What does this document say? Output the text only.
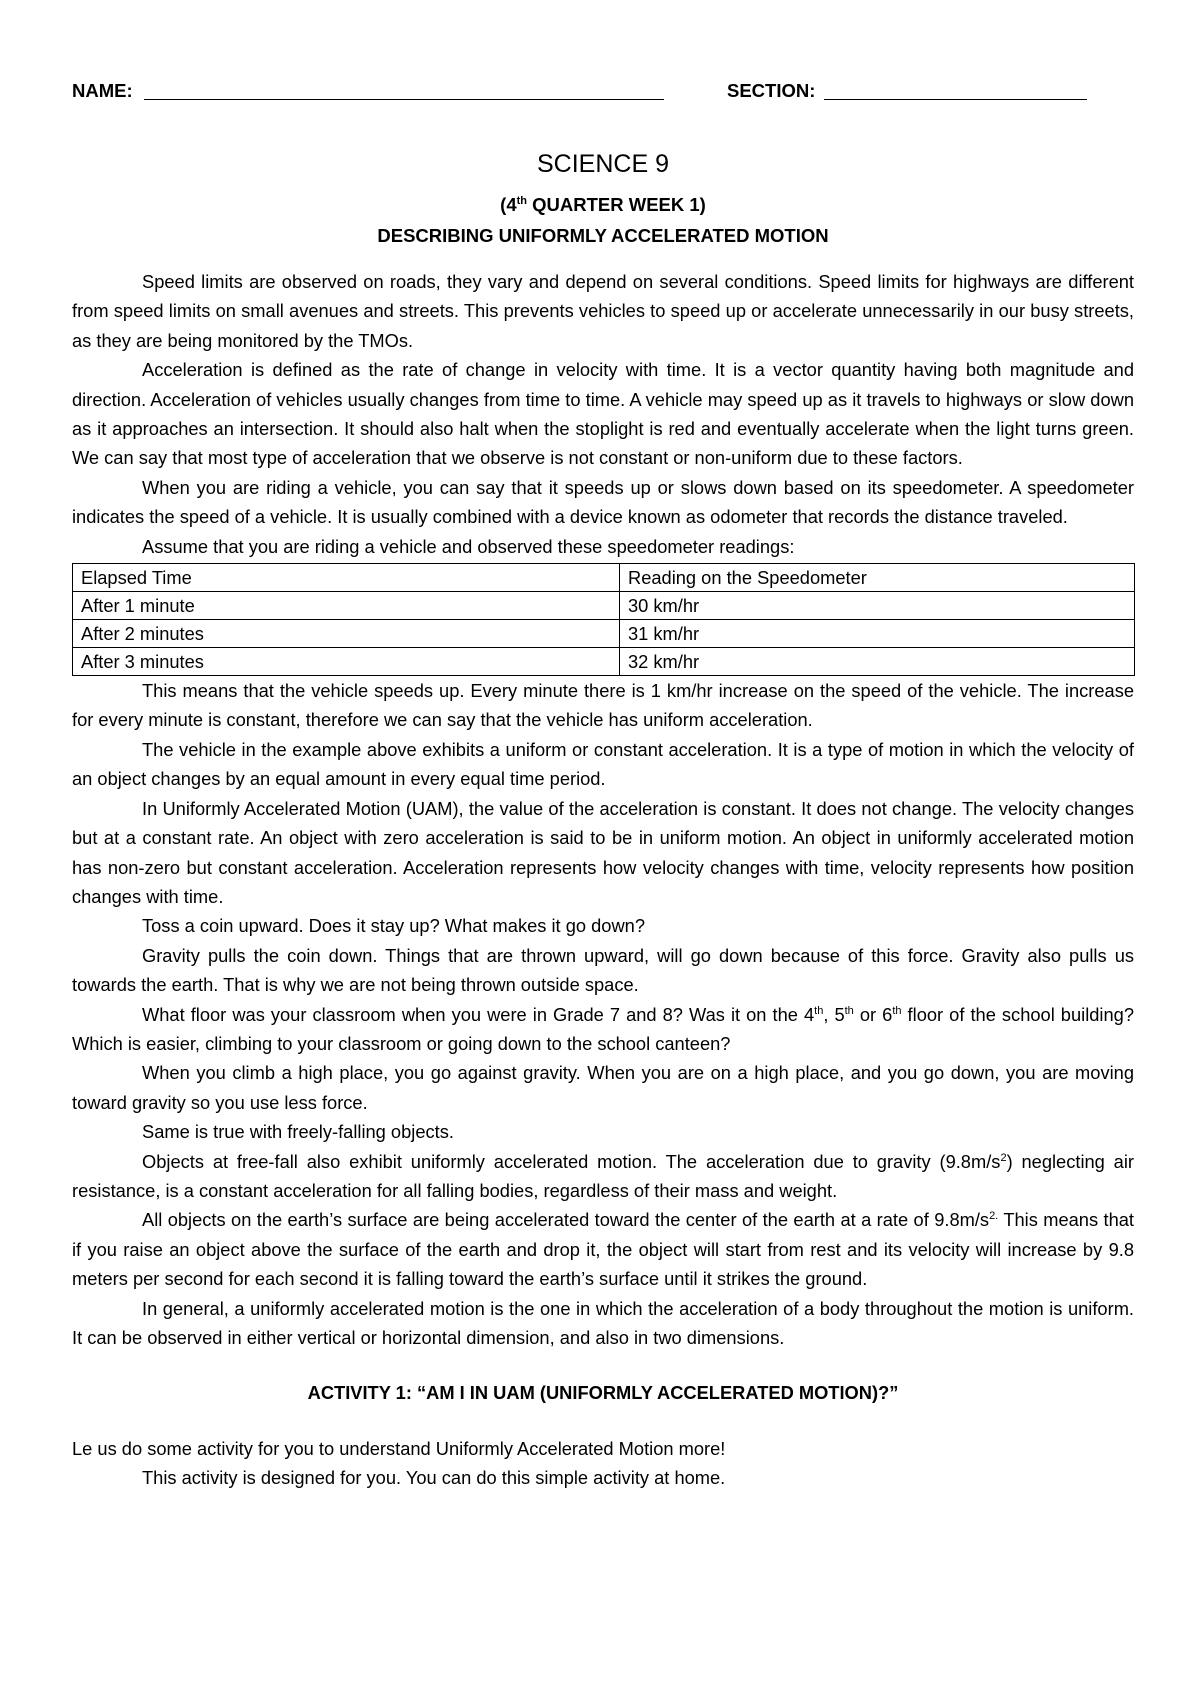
NAME:	SECTION:
SCIENCE 9
(4th QUARTER WEEK 1)
DESCRIBING UNIFORMLY ACCELERATED MOTION

Speed limits are observed on roads, they vary and depend on several conditions. Speed limits for highways are different from speed limits on small avenues and streets. This prevents vehicles to speed up or accelerate unnecessarily in our busy streets, as they are being monitored by the TMOs.

Acceleration is defined as the rate of change in velocity with time. It is a vector quantity having both magnitude and direction. Acceleration of vehicles usually changes from time to time. A vehicle may speed up as it travels to highways or slow down as it approaches an intersection. It should also halt when the stoplight is red and eventually accelerate when the light turns green. We can say that most type of acceleration that we observe is not constant or non-uniform due to these factors.

When you are riding a vehicle, you can say that it speeds up or slows down based on its speedometer. A speedometer indicates the speed of a vehicle. It is usually combined with a device known as odometer that records the distance traveled.

Assume that you are riding a vehicle and observed these speedometer readings:

Elapsed Time	Reading on the Speedometer
After 1 minute	30 km/hr
After 2 minutes	31 km/hr
After 3 minutes	32 km/hr

This means that the vehicle speeds up. Every minute there is 1 km/hr increase on the speed of the vehicle. The increase for every minute is constant, therefore we can say that the vehicle has uniform acceleration.

The vehicle in the example above exhibits a uniform or constant acceleration. It is a type of motion in which the velocity of an object changes by an equal amount in every equal time period.

In Uniformly Accelerated Motion (UAM), the value of the acceleration is constant. It does not change. The velocity changes but at a constant rate. An object with zero acceleration is said to be in uniform motion. An object in uniformly accelerated motion has non-zero but constant acceleration. Acceleration represents how velocity changes with time, velocity represents how position changes with time.

Toss a coin upward. Does it stay up? What makes it go down?

Gravity pulls the coin down. Things that are thrown upward, will go down because of this force. Gravity also pulls us towards the earth. That is why we are not being thrown outside space.

What floor was your classroom when you were in Grade 7 and 8? Was it on the 4th, 5th or 6th floor of the school building? Which is easier, climbing to your classroom or going down to the school canteen?

When you climb a high place, you go against gravity. When you are on a high place, and you go down, you are moving toward gravity so you use less force.

Same is true with freely-falling objects.

Objects at free-fall also exhibit uniformly accelerated motion. The acceleration due to gravity $(9.8m/s^2)$ neglecting air resistance, is a constant acceleration for all falling bodies, regardless of their mass and weight.

All objects on the earth’s surface are being accelerated toward the center of the earth at a rate of $9.8m/s^{2.}$ This means that if you raise an object above the surface of the earth and drop it, the object will start from rest and its velocity will increase by 9.8 meters per second for each second it is falling toward the earth’s surface until it strikes the ground.

In general, a uniformly accelerated motion is the one in which the acceleration of a body throughout the motion is uniform. It can be observed in either vertical or horizontal dimension, and also in two dimensions.

ACTIVITY 1: “AM I IN UAM (UNIFORMLY ACCELERATED MOTION)?”

Le us do some activity for you to understand Uniformly Accelerated Motion more!

This activity is designed for you. You can do this simple activity at home.
